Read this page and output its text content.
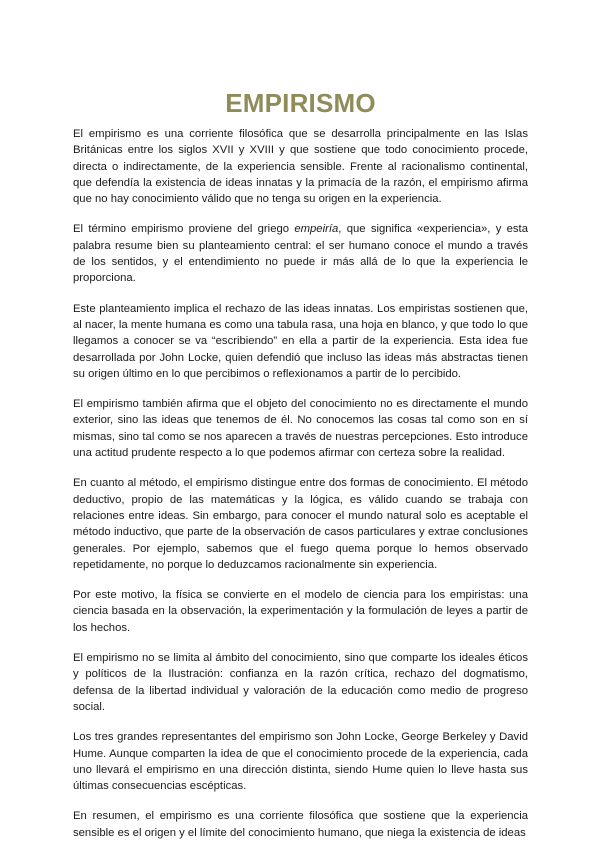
EMPIRISMO

El empirismo es una corriente filosófica que se desarrolla principalmente en las Islas Británicas entre los siglos XVII y XVIII y que sostiene que todo conocimiento procede, directa o indirectamente, de la experiencia sensible. Frente al racionalismo continental, que defendía la existencia de ideas innatas y la primacía de la razón, el empirismo afirma que no hay conocimiento válido que no tenga su origen en la experiencia.

El término empirismo proviene del griego empeiría, que significa «experiencia», y esta palabra resume bien su planteamiento central: el ser humano conoce el mundo a través de los sentidos, y el entendimiento no puede ir más allá de lo que la experiencia le proporciona.

Este planteamiento implica el rechazo de las ideas innatas. Los empiristas sostienen que, al nacer, la mente humana es como una tabula rasa, una hoja en blanco, y que todo lo que llegamos a conocer se va “escribiendo” en ella a partir de la experiencia. Esta idea fue desarrollada por John Locke, quien defendió que incluso las ideas más abstractas tienen su origen último en lo que percibimos o reflexionamos a partir de lo percibido.

El empirismo también afirma que el objeto del conocimiento no es directamente el mundo exterior, sino las ideas que tenemos de él. No conocemos las cosas tal como son en sí mismas, sino tal como se nos aparecen a través de nuestras percepciones. Esto introduce una actitud prudente respecto a lo que podemos afirmar con certeza sobre la realidad.

En cuanto al método, el empirismo distingue entre dos formas de conocimiento. El método deductivo, propio de las matemáticas y la lógica, es válido cuando se trabaja con relaciones entre ideas. Sin embargo, para conocer el mundo natural solo es aceptable el método inductivo, que parte de la observación de casos particulares y extrae conclusiones generales. Por ejemplo, sabemos que el fuego quema porque lo hemos observado repetidamente, no porque lo deduzcamos racionalmente sin experiencia.

Por este motivo, la física se convierte en el modelo de ciencia para los empiristas: una ciencia basada en la observación, la experimentación y la formulación de leyes a partir de los hechos.

El empirismo no se limita al ámbito del conocimiento, sino que comparte los ideales éticos y políticos de la Ilustración: confianza en la razón crítica, rechazo del dogmatismo, defensa de la libertad individual y valoración de la educación como medio de progreso social.

Los tres grandes representantes del empirismo son John Locke, George Berkeley y David Hume. Aunque comparten la idea de que el conocimiento procede de la experiencia, cada uno llevará el empirismo en una dirección distinta, siendo Hume quien lo lleve hasta sus últimas consecuencias escépticas.

En resumen, el empirismo es una corriente filosófica que sostiene que la experiencia sensible es el origen y el límite del conocimiento humano, que niega la existencia de ideas
